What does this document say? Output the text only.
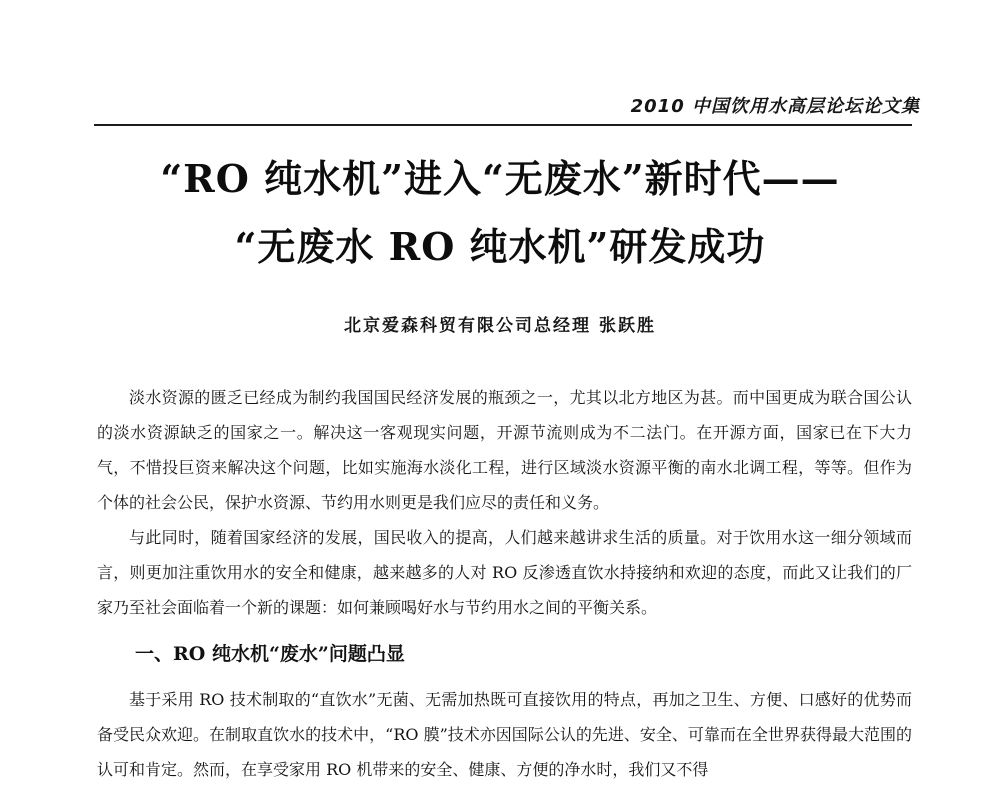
2010 中国饮用水高层论坛论文集
“RO 纯水机”进入“无废水”新时代——
“无废水 RO 纯水机”研发成功
北京爱森科贸有限公司总经理 张跃胜

淡水资源的匮乏已经成为制约我国国民经济发展的瓶颈之一，尤其以北方地区为甚。而中国更成为联合国公认的淡水资源缺乏的国家之一。解决这一客观现实问题，开源节流则成为不二法门。在开源方面，国家已在下大力气，不惜投巨资来解决这个问题，比如实施海水淡化工程，进行区域淡水资源平衡的南水北调工程，等等。但作为个体的社会公民，保护水资源、节约用水则更是我们应尽的责任和义务。

与此同时，随着国家经济的发展，国民收入的提高，人们越来越讲求生活的质量。对于饮用水这一细分领域而言，则更加注重饮用水的安全和健康，越来越多的人对 RO 反渗透直饮水持接纳和欢迎的态度，而此又让我们的厂家乃至社会面临着一个新的课题：如何兼顾喝好水与节约用水之间的平衡关系。

一、RO 纯水机“废水”问题凸显

基于采用 RO 技术制取的“直饮水”无菌、无需加热既可直接饮用的特点，再加之卫生、方便、口感好的优势而备受民众欢迎。在制取直饮水的技术中，“RO 膜”技术亦因国际公认的先进、安全、可靠而在全世界获得最大范围的认可和肯定。然而，在享受家用 RO 机带来的安全、健康、方便的净水时，我们又不得
